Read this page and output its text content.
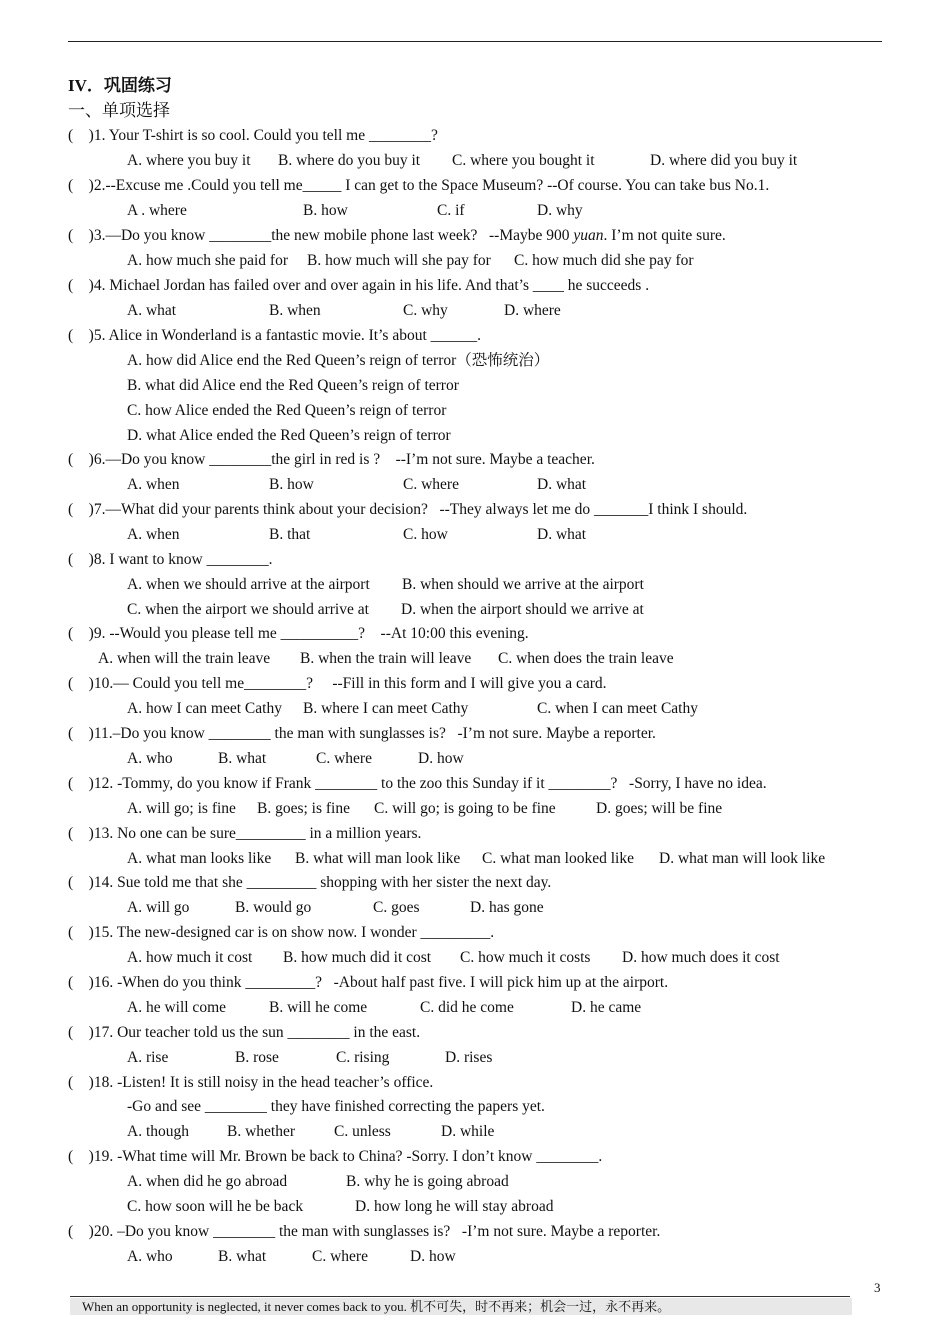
IV．巩固练习
一、单项选择
(    )1. Your T-shirt is so cool. Could you tell me ________?
A. where you buy it B. where do you buy it C. where you bought it	D. where did you buy it
(    )2.--Excuse me .Could you tell me_____ I can get to the Space Museum? --Of course. You can take bus No.1.
A . where	B. how	C. if	D. why
(    )3.—Do you know ________the new mobile phone last week?   --Maybe 900 yuan. I’m not quite sure.
A. how much she paid for B. how much will she pay for C. how much did she pay for
(    )4. Michael Jordan has failed over and over again in his life. And that’s ____ he succeeds .
A. what	B. when	C. why	D. where
(    )5. Alice in Wonderland is a fantastic movie. It’s about ______.
A. how did Alice end the Red Queen’s reign of terror（恐怖统治）
B. what did Alice end the Red Queen’s reign of terror
C. how Alice ended the Red Queen’s reign of terror
D. what Alice ended the Red Queen’s reign of terror
(    )6.—Do you know ________the girl in red is ?    --I’m not sure. Maybe a teacher.
A. when	B. how	C. where	D. what
(    )7.—What did your parents think about your decision?   --They always let me do _______I think I should.
A. when	B. that	C. how	D. what
(    )8. I want to know ________.
A. when we should arrive at the airport B. when should we arrive at the airport
C. when the airport we should arrive at D. when the airport should we arrive at
(    )9. --Would you please tell me __________?    --At 10:00 this evening.
A. when will the train leave B. when the train will leave C. when does the train leave
(    )10.— Could you tell me________?     --Fill in this form and I will give you a card.
A. how I can meet Cathy B. where I can meet Cathy	C. when I can meet Cathy
(    )11.–Do you know ________ the man with sunglasses is?   -I’m not sure. Maybe a reporter.
A. who	B. what	C. where	D. how
(    )12. -Tommy, do you know if Frank ________ to the zoo this Sunday if it ________?   -Sorry, I have no idea.
A. will go; is fine B. goes; is fine C. will go; is going to be fine	D. goes; will be fine
(    )13. No one can be sure_________ in a million years.
A. what man looks like B. what will man look like C. what man looked like D. what man will look like
(    )14. Sue told me that she _________ shopping with her sister the next day.
A. will go	B. would go	C. goes	D. has gone
(    )15. The new-designed car is on show now. I wonder _________.
A. how much it cost B. how much did it cost C. how much it costs D. how much does it cost
(    )16. -When do you think _________?   -About half past five. I will pick him up at the airport.
A. he will come	B. will he come	C. did he come	D. he came
(    )17. Our teacher told us the sun ________ in the east.
A. rise	B. rose	C. rising	D. rises
(    )18. -Listen! It is still noisy in the head teacher’s office.
-Go and see ________ they have finished correcting the papers yet.
A. though B. whether	C. unless	D. while
(    )19. -What time will Mr. Brown be back to China? -Sorry. I don’t know ________.
A. when did he go abroad	B. why he is going abroad
C. how soon will he be back	D. how long he will stay abroad
(    )20. –Do you know ________ the man with sunglasses is?   -I’m not sure. Maybe a reporter.
A. who	B. what	C. where	D. how
When an opportunity is neglected, it never comes back to you. 机不可失，时不再来；机会一过，永不再来。
3
